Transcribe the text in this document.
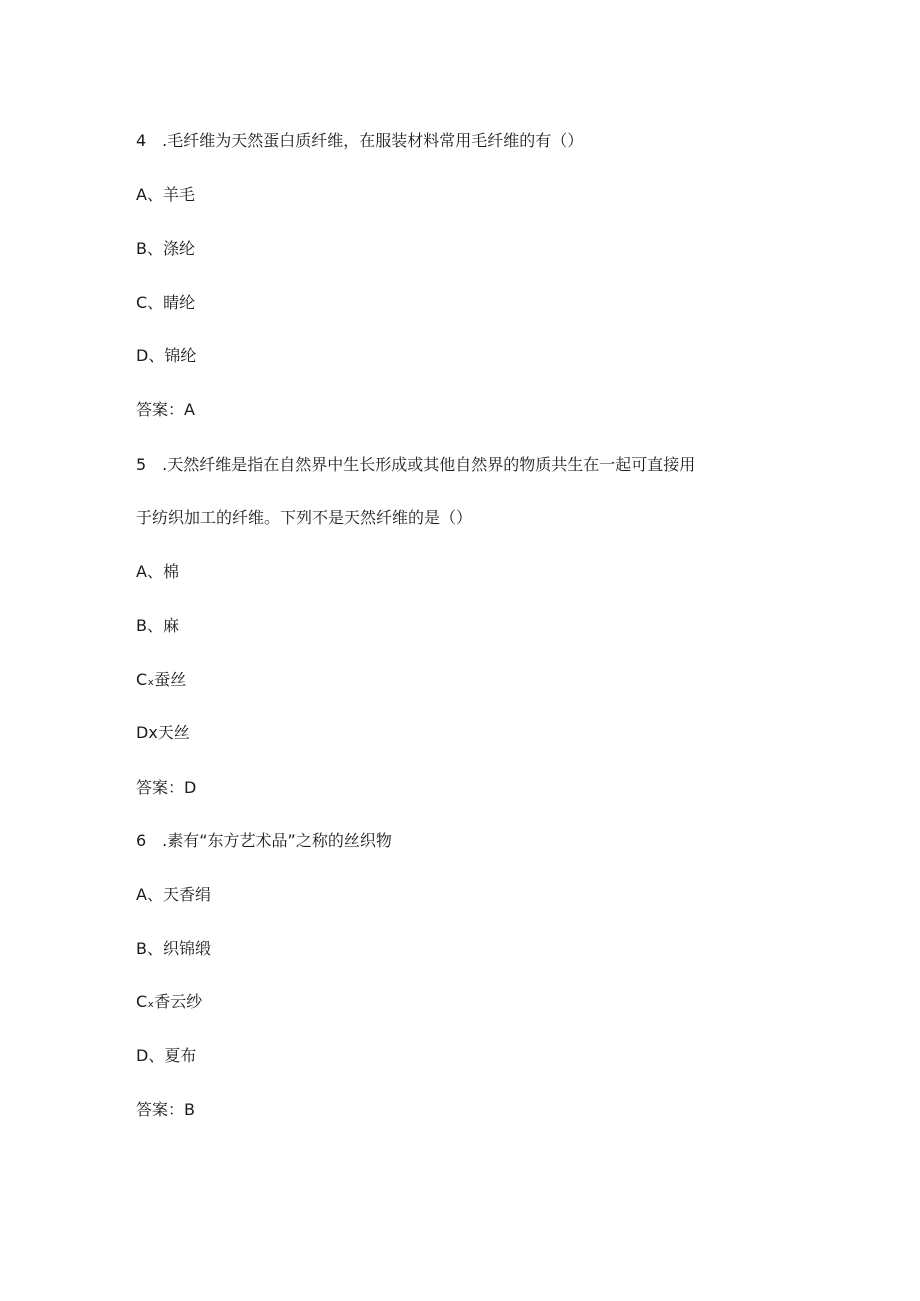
4　.毛纤维为天然蛋白质纤维，在服装材料常用毛纤维的有（）
A、羊毛
B、涤纶
C、睛纶
D、锦纶
答案：A
5　.天然纤维是指在自然界中生长形成或其他自然界的物质共生在一起可直接用
于纺织加工的纤维。下列不是天然纤维的是（）
A、棉
B、麻
Cₓ蚕丝
Dx天丝
答案：D
6　.素有“东方艺术品”之称的丝织物
A、天香绢
B、织锦缎
Cₓ香云纱
D、夏布
答案：B
